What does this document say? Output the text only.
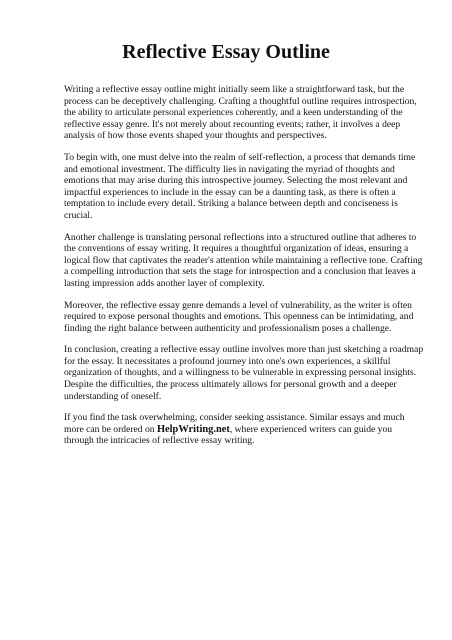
Reflective Essay Outline

Writing a reflective essay outline might initially seem like a straightforward task, but the process can be deceptively challenging. Crafting a thoughtful outline requires introspection, the ability to articulate personal experiences coherently, and a keen understanding of the reflective essay genre. It's not merely about recounting events; rather, it involves a deep analysis of how those events shaped your thoughts and perspectives.

To begin with, one must delve into the realm of self-reflection, a process that demands time and emotional investment. The difficulty lies in navigating the myriad of thoughts and emotions that may arise during this introspective journey. Selecting the most relevant and impactful experiences to include in the essay can be a daunting task, as there is often a temptation to include every detail. Striking a balance between depth and conciseness is crucial.

Another challenge is translating personal reflections into a structured outline that adheres to the conventions of essay writing. It requires a thoughtful organization of ideas, ensuring a logical flow that captivates the reader's attention while maintaining a reflective tone. Crafting a compelling introduction that sets the stage for introspection and a conclusion that leaves a lasting impression adds another layer of complexity.

Moreover, the reflective essay genre demands a level of vulnerability, as the writer is often required to expose personal thoughts and emotions. This openness can be intimidating, and finding the right balance between authenticity and professionalism poses a challenge.

In conclusion, creating a reflective essay outline involves more than just sketching a roadmap for the essay. It necessitates a profound journey into one's own experiences, a skillful organization of thoughts, and a willingness to be vulnerable in expressing personal insights. Despite the difficulties, the process ultimately allows for personal growth and a deeper understanding of oneself.

If you find the task overwhelming, consider seeking assistance. Similar essays and much more can be ordered on HelpWriting.net, where experienced writers can guide you through the intricacies of reflective essay writing.
